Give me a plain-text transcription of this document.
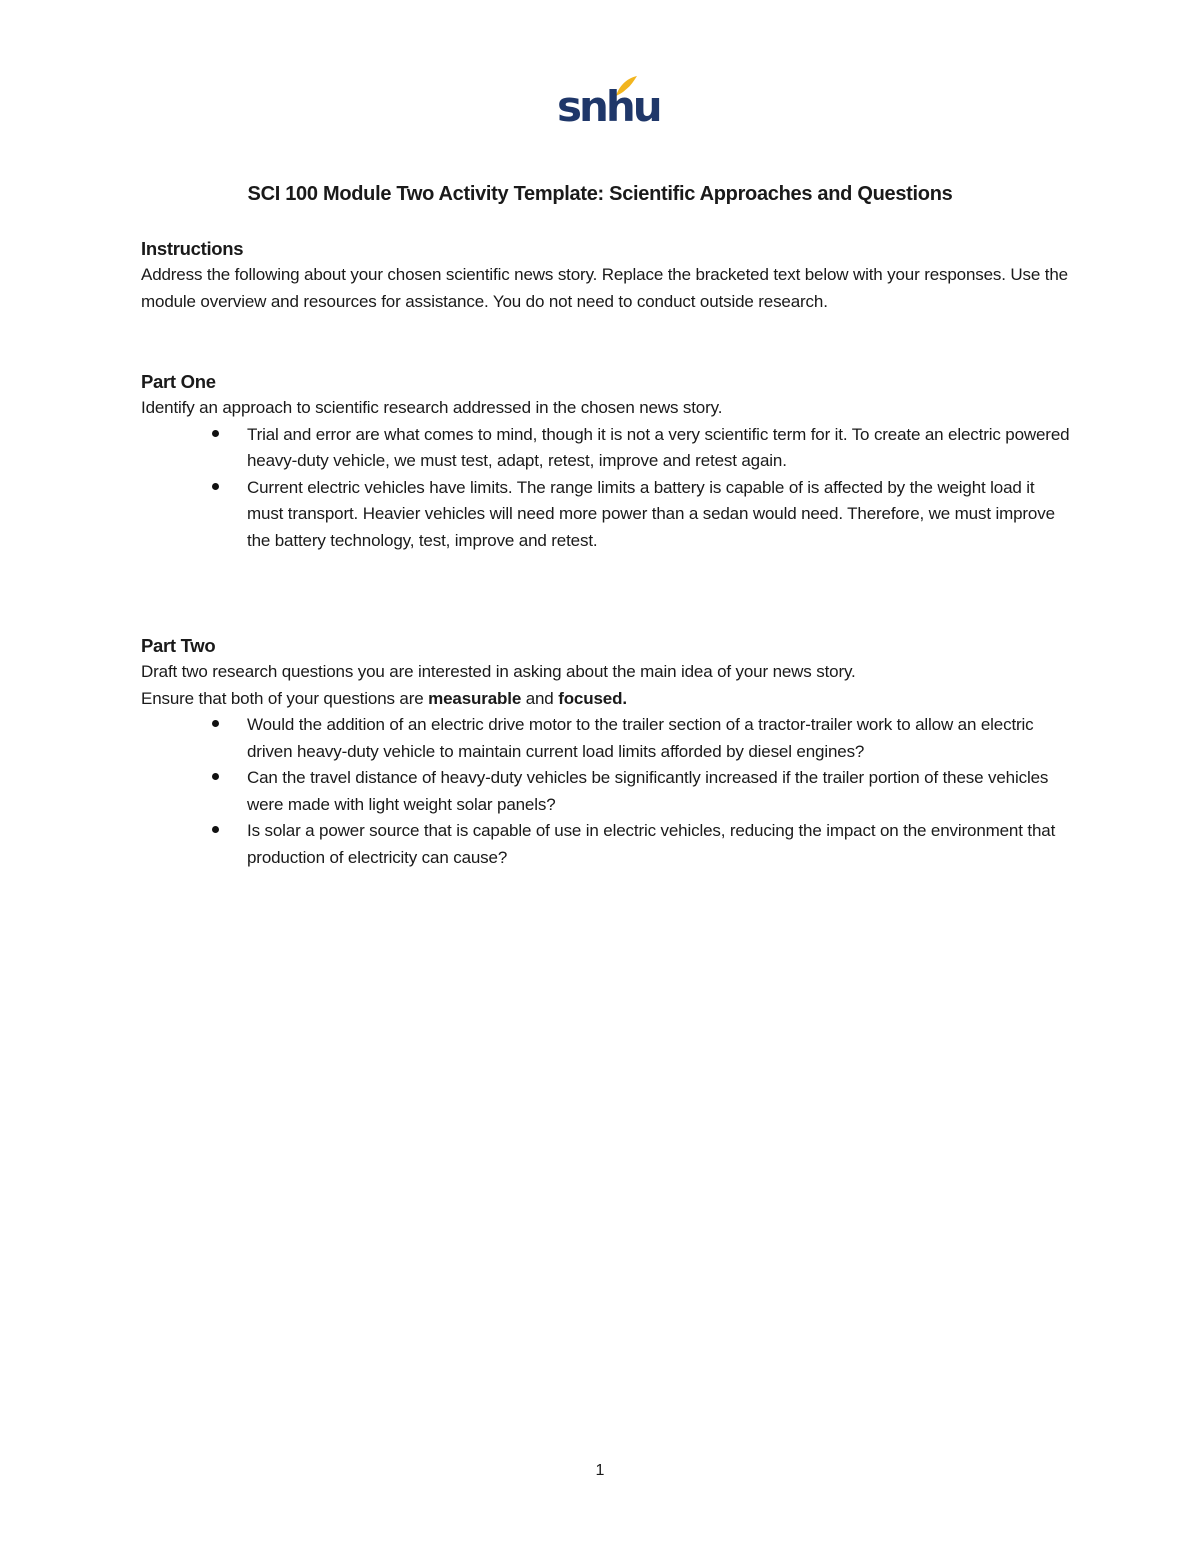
snhu
SCI 100 Module Two Activity Template: Scientific Approaches and Questions
Instructions

Address the following about your chosen scientific news story. Replace the bracketed text below with your responses. Use the module overview and resources for assistance. You do not need to conduct outside research.

Part One

Identify an approach to scientific research addressed in the chosen news story.

Trial and error are what comes to mind, though it is not a very scientific term for it. To create an electric powered heavy-duty vehicle, we must test, adapt, retest, improve and retest again.
Current electric vehicles have limits. The range limits a battery is capable of is affected by the weight load it must transport. Heavier vehicles will need more power than a sedan would need. Therefore, we must improve the battery technology, test, improve and retest.
Part Two

Draft two research questions you are interested in asking about the main idea of your news story.

Ensure that both of your questions are measurable and focused.

Would the addition of an electric drive motor to the trailer section of a tractor-trailer work to allow an electric driven heavy-duty vehicle to maintain current load limits afforded by diesel engines?
Can the travel distance of heavy-duty vehicles be significantly increased if the trailer portion of these vehicles were made with light weight solar panels?
Is solar a power source that is capable of use in electric vehicles, reducing the impact on the environment that production of electricity can cause?
1
